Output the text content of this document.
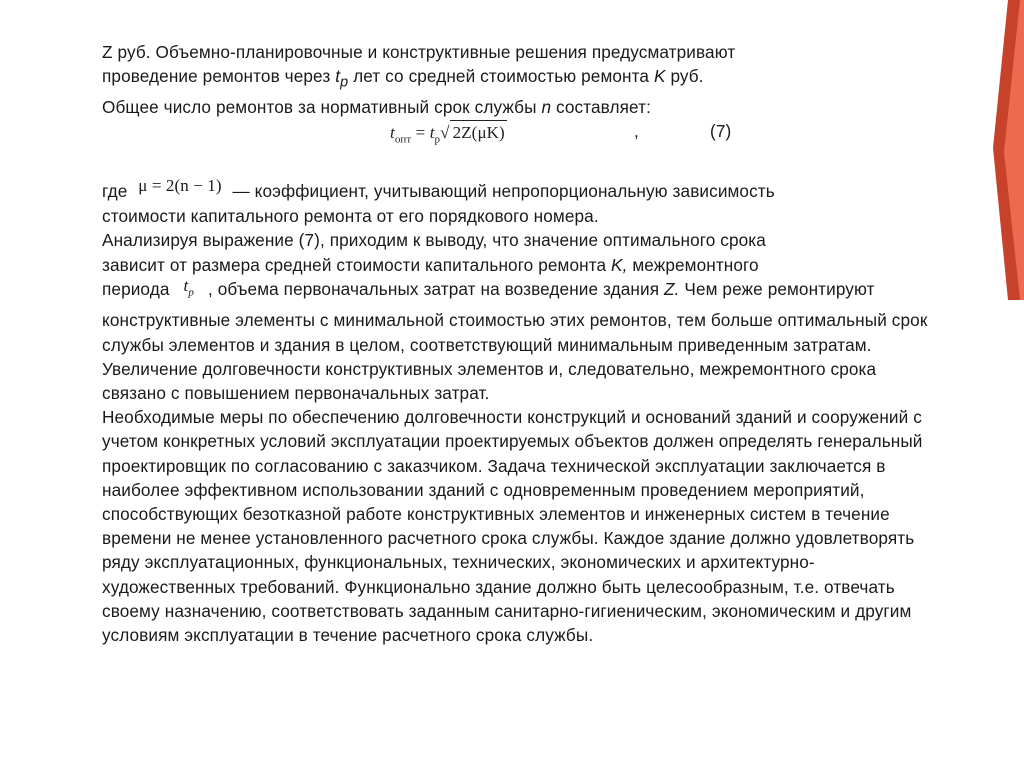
Z руб. Объемно-планировочные и конструктивные решения предусматривают
проведение ремонтов через $t_p$ лет со средней стоимостью ремонта K руб.
Общее число ремонтов за нормативный срок службы n составляет:

$t_{опт} = t_p√$ 2Z(μK)	,	(7)

где μ = 2(n − 1) — коэффициент, учитывающий непропорциональную зависимость
стоимости капитального ремонта от его порядкового номера.

Анализируя выражение (7), приходим к выводу, что значение оптимального срока
зависит от размера средней стоимости капитального ремонта K, межремонтного
периода $t_p$ , объема первоначальных затрат на возведение здания Z. Чем реже ремонтируют конструктивные элементы с минимальной стоимостью этих ремонтов, тем больше оптимальный срок службы элементов и здания в целом, соответствующий минимальным приведенным затратам. Увеличение долговечности конструктивных элементов и, следовательно, межремонтного срока связано с повышением первоначальных затрат.

Необходимые меры по обеспечению долговечности конструкций и оснований зданий и сооружений с учетом конкретных условий эксплуатации проектируемых объектов должен определять генеральный проектировщик по согласованию с заказчиком. Задача технической эксплуатации заключается в наиболее эффективном использовании зданий с одновременным проведением мероприятий, способствующих безотказной работе конструктивных элементов и инженерных систем в течение времени не менее установленного расчетного срока службы. Каждое здание должно удовлетворять ряду эксплуатационных, функциональных, технических, экономических и архитектурно-художественных требований. Функционально здание должно быть целесообразным, т.е. отвечать своему назначению, соответствовать заданным санитарно-гигиеническим, экономическим и другим условиям эксплуатации в течение расчетного срока службы.
